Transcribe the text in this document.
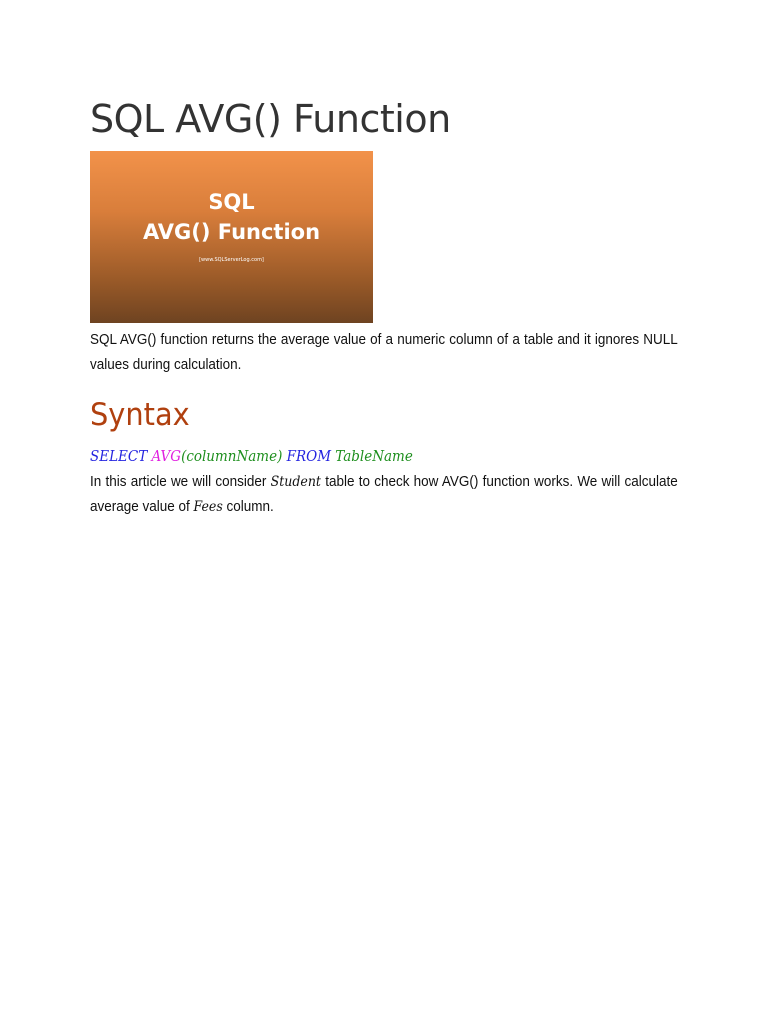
SQL AVG() Function
SQL
AVG() Function
[www.SQLServerLog.com]

SQL AVG() function returns the average value of a numeric column of a table and it ignores NULL values during calculation.

Syntax
SELECT AVG(columnName) FROM TableName

In this article we will consider Student table to check how AVG() function works. We will calculate average value of Fees column.
